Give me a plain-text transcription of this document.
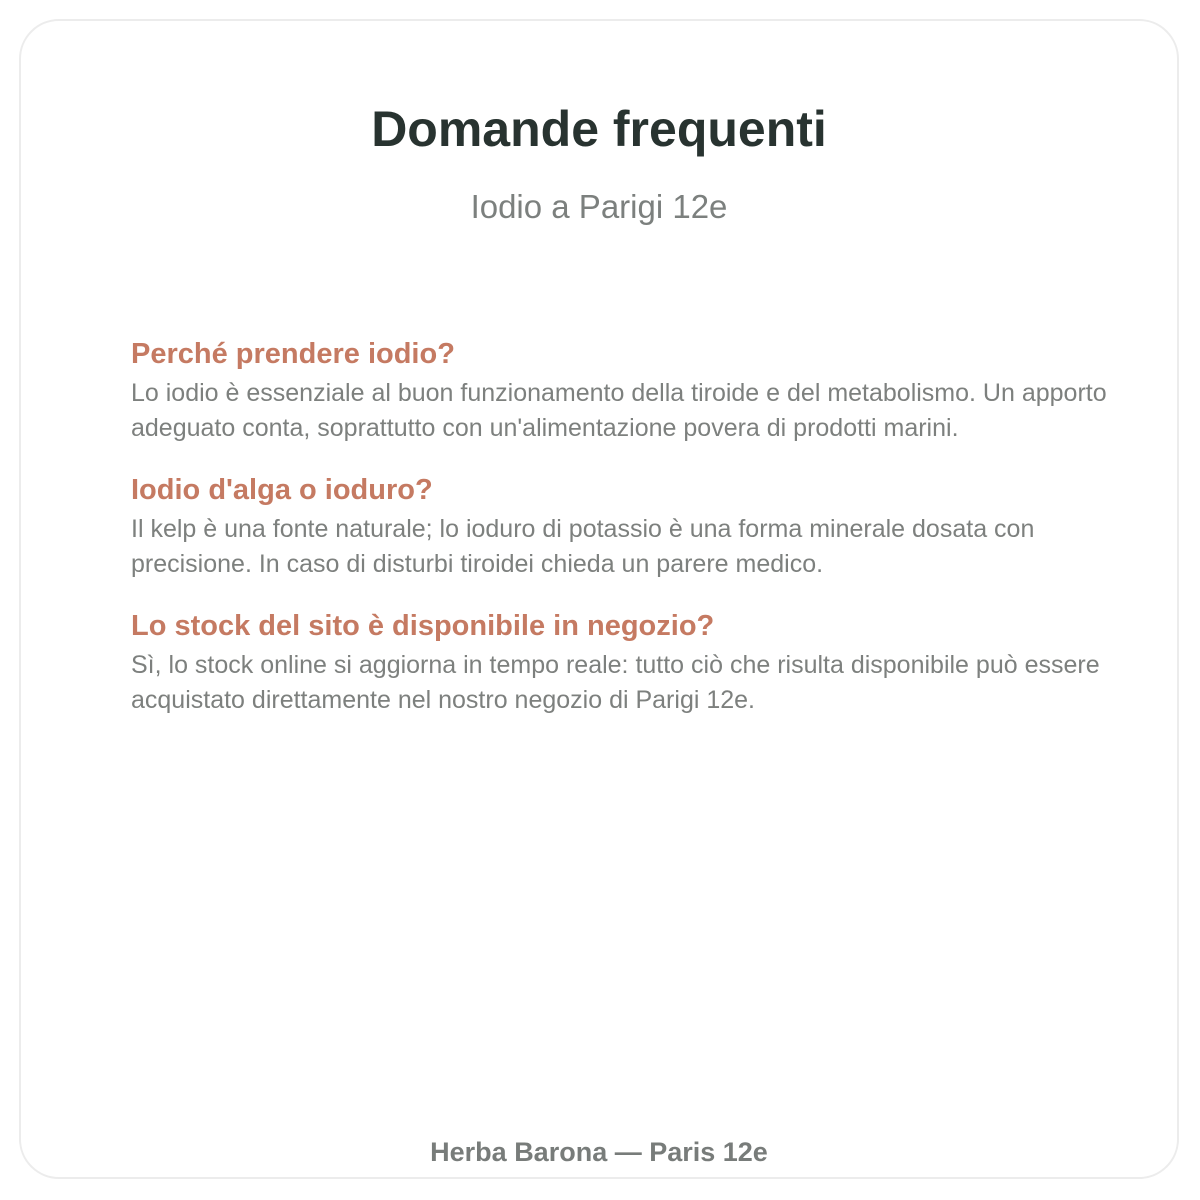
Domande frequenti

Iodio a Parigi 12e

Perché prendere iodio?

Lo iodio è essenziale al buon funzionamento della tiroide e del metabolismo. Un apporto adeguato conta, soprattutto con un'alimentazione povera di prodotti marini.

Iodio d'alga o ioduro?

Il kelp è una fonte naturale; lo ioduro di potassio è una forma minerale dosata con precisione. In caso di disturbi tiroidei chieda un parere medico.

Lo stock del sito è disponibile in negozio?

Sì, lo stock online si aggiorna in tempo reale: tutto ciò che risulta disponibile può essere acquistato direttamente nel nostro negozio di Parigi 12e.

Herba Barona — Paris 12e
